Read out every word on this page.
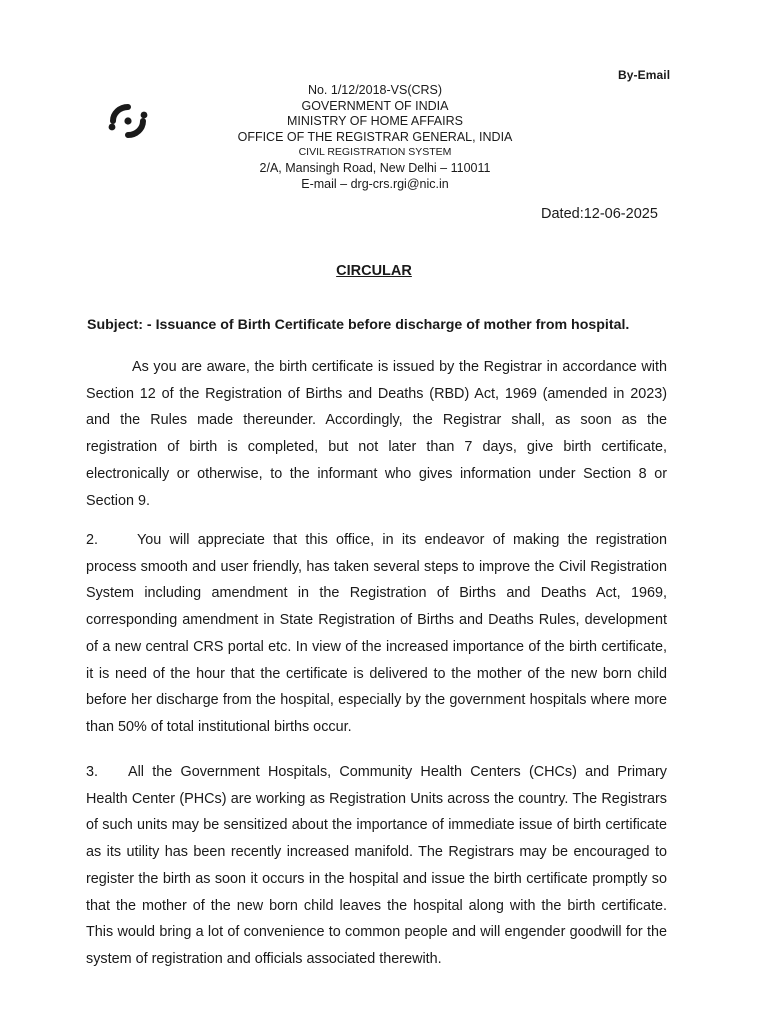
By-Email
No. 1/12/2018-VS(CRS)
GOVERNMENT OF INDIA
MINISTRY OF HOME AFFAIRS
OFFICE OF THE REGISTRAR GENERAL, INDIA
CIVIL REGISTRATION SYSTEM
2/A, Mansingh Road, New Delhi – 110011
E-mail – drg-crs.rgi@nic.in
Dated:12-06-2025
CIRCULAR
Subject: - Issuance of Birth Certificate before discharge of mother from hospital.
As you are aware, the birth certificate is issued by the Registrar in accordance with Section 12 of the Registration of Births and Deaths (RBD) Act, 1969 (amended in 2023) and the Rules made thereunder. Accordingly, the Registrar shall, as soon as the registration of birth is completed, but not later than 7 days, give birth certificate, electronically or otherwise, to the informant who gives information under Section 8 or Section 9.
2.	You will appreciate that this office, in its endeavor of making the registration process smooth and user friendly, has taken several steps to improve the Civil Registration System including amendment in the Registration of Births and Deaths Act, 1969, corresponding amendment in State Registration of Births and Deaths Rules, development of a new central CRS portal etc. In view of the increased importance of the birth certificate, it is need of the hour that the certificate is delivered to the mother of the new born child before her discharge from the hospital, especially by the government hospitals where more than 50% of total institutional births occur.
3. All the Government Hospitals, Community Health Centers (CHCs) and Primary Health Center (PHCs) are working as Registration Units across the country. The Registrars of such units may be sensitized about the importance of immediate issue of birth certificate as its utility has been recently increased manifold. The Registrars may be encouraged to register the birth as soon it occurs in the hospital and issue the birth certificate promptly so that the mother of the new born child leaves the hospital along with the birth certificate. This would bring a lot of convenience to common people and will engender goodwill for the system of registration and officials associated therewith.
